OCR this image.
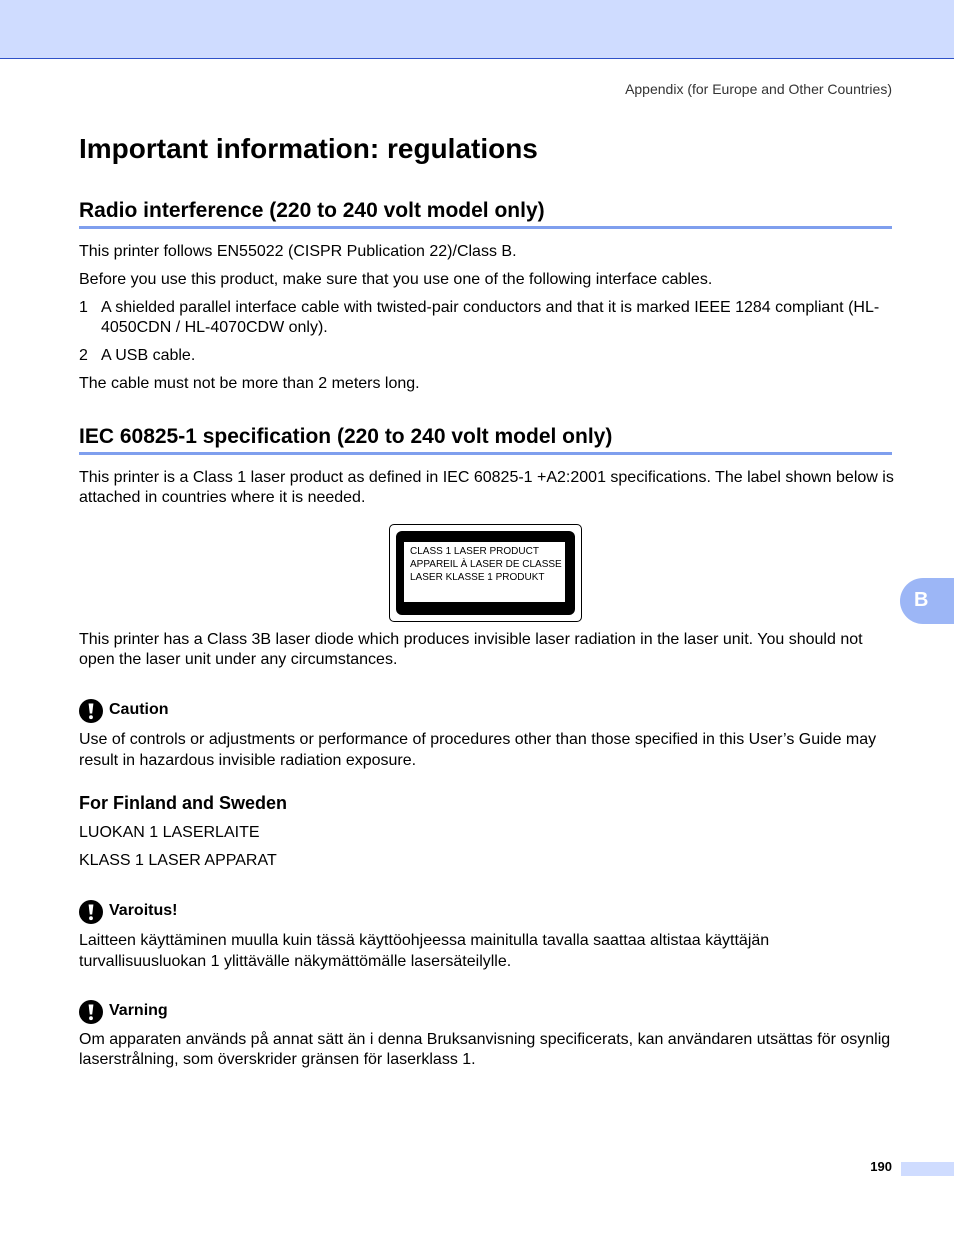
Appendix (for Europe and Other Countries)
Important information: regulations
Radio interference (220 to 240 volt model only)

This printer follows EN55022 (CISPR Publication 22)/Class B.

Before you use this product, make sure that you use one of the following interface cables.

1 A shielded parallel interface cable with twisted-pair conductors and that it is marked IEEE 1284 compliant (HL-4050CDN / HL-4070CDW only).
2 A USB cable.

The cable must not be more than 2 meters long.

IEC 60825-1 specification (220 to 240 volt model only)

This printer is a Class 1 laser product as defined in IEC 60825-1 +A2:2001 specifications. The label shown below is attached in countries where it is needed.

CLASS 1 LASER PRODUCT
APPAREIL À LASER DE CLASSE 1
LASER KLASSE 1 PRODUKT
B

This printer has a Class 3B laser diode which produces invisible laser radiation in the laser unit. You should not open the laser unit under any circumstances.

Caution

Use of controls or adjustments or performance of procedures other than those specified in this User’s Guide may result in hazardous invisible radiation exposure.

For Finland and Sweden

LUOKAN 1 LASERLAITE

KLASS 1 LASER APPARAT

Varoitus!

Laitteen käyttäminen muulla kuin tässä käyttöohjeessa mainitulla tavalla saattaa altistaa käyttäjän turvallisuusluokan 1 ylittävälle näkymättömälle lasersäteilylle.

Varning

Om apparaten används på annat sätt än i denna Bruksanvisning specificerats, kan användaren utsättas för osynlig laserstrålning, som överskrider gränsen för laserklass 1.

190
